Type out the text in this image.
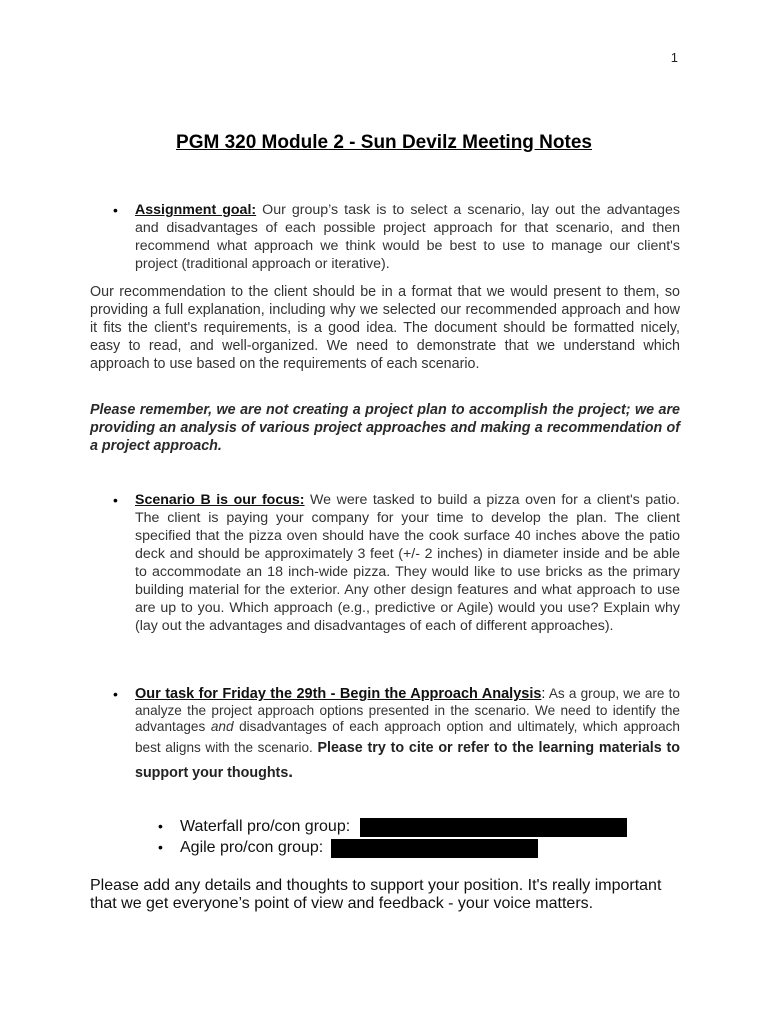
1
PGM 320 Module 2 - Sun Devilz Meeting Notes
• Assignment goal: Our group’s task is to select a scenario, lay out the advantages and disadvantages of each possible project approach for that scenario, and then recommend what approach we think would be best to use to manage our client's project (traditional approach or iterative).
Our recommendation to the client should be in a format that we would present to them, so providing a full explanation, including why we selected our recommended approach and how it fits the client's requirements, is a good idea. The document should be formatted nicely, easy to read, and well-organized. We need to demonstrate that we understand which approach to use based on the requirements of each scenario.
Please remember, we are not creating a project plan to accomplish the project; we are providing an analysis of various project approaches and making a recommendation of a project approach.
• Scenario B is our focus: We were tasked to build a pizza oven for a client's patio. The client is paying your company for your time to develop the plan. The client specified that the pizza oven should have the cook surface 40 inches above the patio deck and should be approximately 3 feet (+/- 2 inches) in diameter inside and be able to accommodate an 18 inch-wide pizza. They would like to use bricks as the primary building material for the exterior. Any other design features and what approach to use are up to you. Which approach (e.g., predictive or Agile) would you use? Explain why (lay out the advantages and disadvantages of each of different approaches).
• Our task for Friday the 29th - Begin the Approach Analysis: As a group, we are to analyze the project approach options presented in the scenario. We need to identify the advantages and disadvantages of each approach option and ultimately, which approach best aligns with the scenario. Please try to cite or refer to the learning materials to support your thoughts.
• Waterfall pro/con group:
• Agile pro/con group:
Please add any details and thoughts to support your position. It's really important that we get everyone’s point of view and feedback - your voice matters.
